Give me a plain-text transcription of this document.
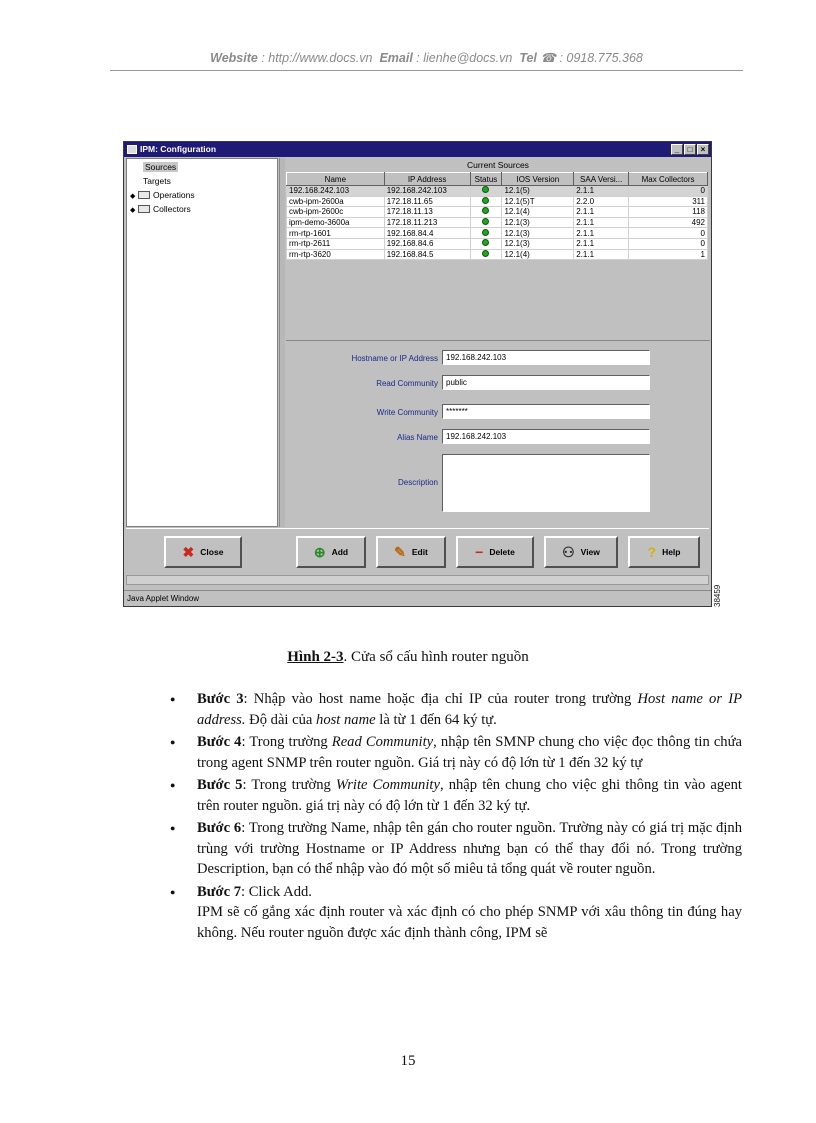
Website : http://www.docs.vn Email : lienhe@docs.vn Tel ☎ : 0918.775.368
IPM: Configuration	_	□	×
Sources
Targets
◆ Operations
◆ Collectors
Current Sources
Name	IP Address	Status	IOS Version	SAA Versi...	Max Collectors
192.168.242.103	192.168.242.103		12.1(5)	2.1.1	0
cwb-ipm-2600a	172.18.11.65		12.1(5)T	2.2.0	311
cwb-ipm-2600c	172.18.11.13		12.1(4)	2.1.1	118
ipm-demo-3600a	172.18.11.213		12.1(3)	2.1.1	492
rm-rtp-1601	192.168.84.4		12.1(3)	2.1.1	0
rm-rtp-2611	192.168.84.6		12.1(3)	2.1.1	0
rm-rtp-3620	192.168.84.5		12.1(4)	2.1.1	1
Hostname or IP Address	192.168.242.103
Read Community	public
Write Community	*******
Alias Name	192.168.242.103
Description
✖ Close	⊕ Add	✎ Edit	− Delete	⚇ View	? Help
Java Applet Window	38459
Hình 2-3. Cửa sổ cấu hình router nguồn
● Bước 3: Nhập vào host name hoặc địa chỉ IP của router trong trường Host name or IP address. Độ dài của host name là từ 1 đến 64 ký tự.
● Bước 4: Trong trường Read Community, nhập tên SMNP chung cho việc đọc thông tin chứa trong agent SNMP trên router nguồn. Giá trị này có độ lớn từ 1 đến 32 ký tự
● Bước 5: Trong trường Write Community, nhập tên chung cho việc ghi thông tin vào agent trên router nguồn. giá trị này có độ lớn từ 1 đến 32 ký tự.
● Bước 6: Trong trường Name, nhập tên gán cho router nguồn. Trường này có giá trị mặc định trùng với trường Hostname or IP Address nhưng bạn có thể thay đổi nó. Trong trường Description, bạn có thể nhập vào đó một số miêu tả tổng quát về router nguồn.
● Bước 7: Click Add.
IPM sẽ cố gắng xác định router và xác định có cho phép SNMP với xâu thông tin đúng hay không. Nếu router nguồn được xác định thành công, IPM sẽ
15
